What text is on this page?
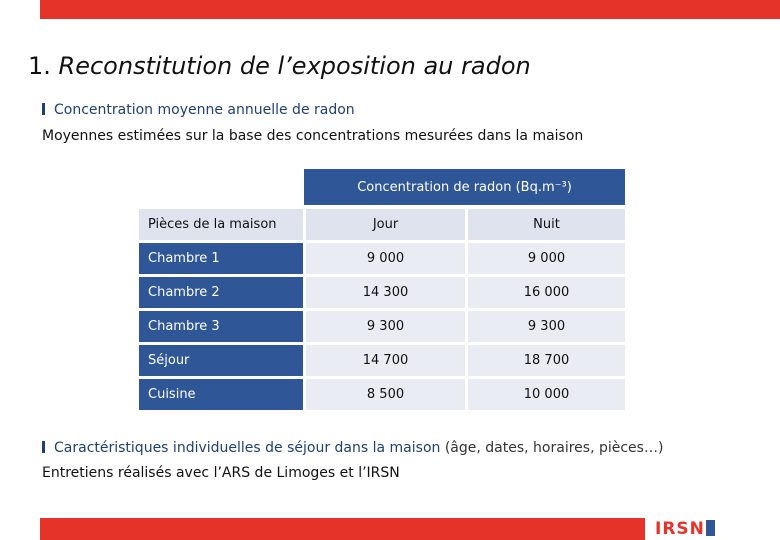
1. Reconstitution de l’exposition au radon
Concentration moyenne annuelle de radon
Moyennes estimées sur la base des concentrations mesurées dans la maison
Concentration de radon (Bq.m⁻³)
Pièces de la maison	Jour	Nuit
Chambre 1	9 000	9 000
Chambre 2	14 300	16 000
Chambre 3	9 300	9 300
Séjour	14 700	18 700
Cuisine	8 500	10 000
Caractéristiques individuelles de séjour dans la maison (âge, dates, horaires, pièces…)
Entretiens réalisés avec l’ARS de Limoges et l’IRSN
IRSN
